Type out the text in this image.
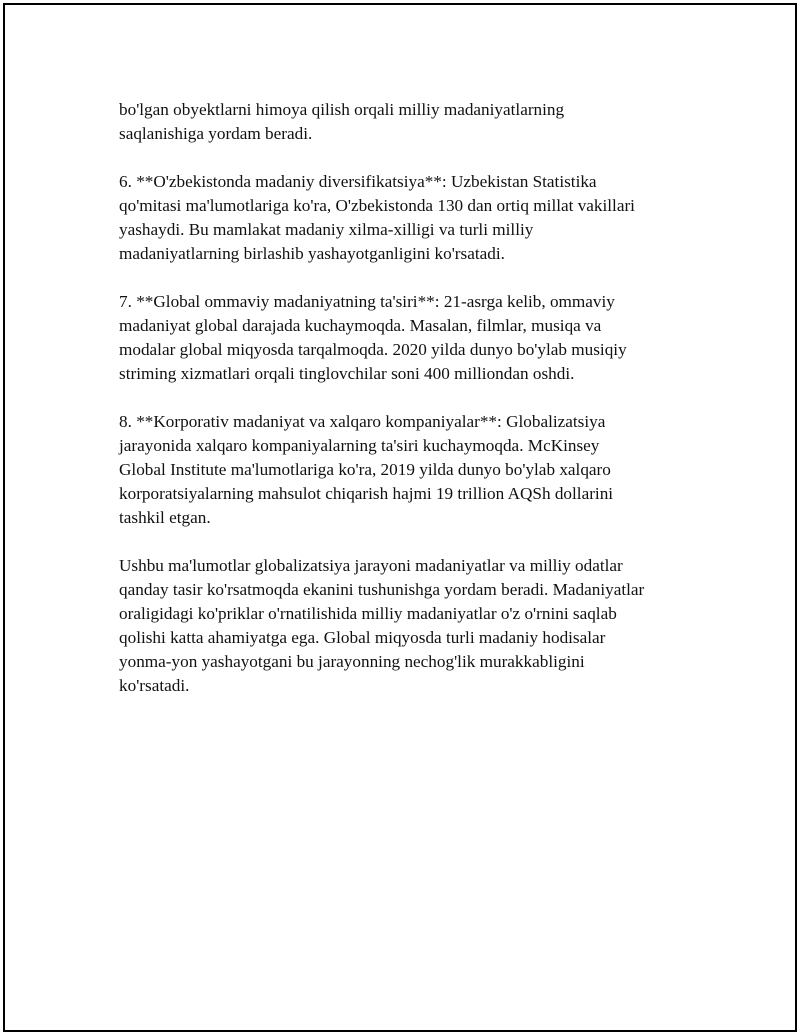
bo'lgan obyektlarni himoya qilish orqali milliy madaniyatlarning
saqlanishiga yordam beradi.

6. **O'zbekistonda madaniy diversifikatsiya**: Uzbekistan Statistika
qo'mitasi ma'lumotlariga ko'ra, O'zbekistonda 130 dan ortiq millat vakillari
yashaydi. Bu mamlakat madaniy xilma-xilligi va turli milliy
madaniyatlarning birlashib yashayotganligini ko'rsatadi.

7. **Global ommaviy madaniyatning ta'siri**: 21-asrga kelib, ommaviy
madaniyat global darajada kuchaymoqda. Masalan, filmlar, musiqa va
modalar global miqyosda tarqalmoqda. 2020 yilda dunyo bo'ylab musiqiy
striming xizmatlari orqali tinglovchilar soni 400 milliondan oshdi.

8. **Korporativ madaniyat va xalqaro kompaniyalar**: Globalizatsiya
jarayonida xalqaro kompaniyalarning ta'siri kuchaymoqda. McKinsey
Global Institute ma'lumotlariga ko'ra, 2019 yilda dunyo bo'ylab xalqaro
korporatsiyalarning mahsulot chiqarish hajmi 19 trillion AQSh dollarini
tashkil etgan.

Ushbu ma'lumotlar globalizatsiya jarayoni madaniyatlar va milliy odatlar
qanday tasir ko'rsatmoqda ekanini tushunishga yordam beradi. Madaniyatlar
oraligidagi ko'priklar o'rnatilishida milliy madaniyatlar o'z o'rnini saqlab
qolishi katta ahamiyatga ega. Global miqyosda turli madaniy hodisalar
yonma-yon yashayotgani bu jarayonning nechog'lik murakkabligini
ko'rsatadi.
